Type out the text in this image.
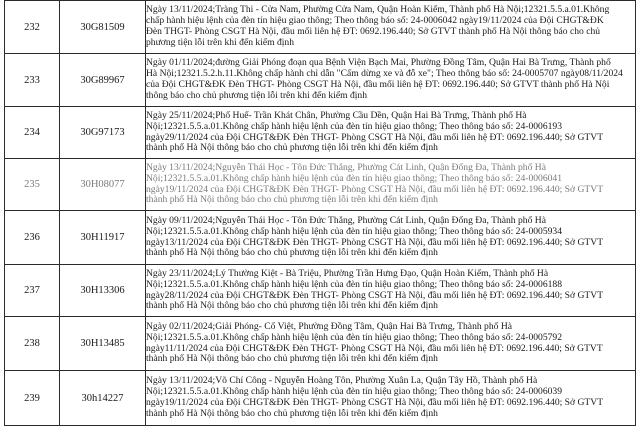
232	30G81509	Ngày 13/11/2024;Tràng Thi - Cửa Nam, Phường Cửa Nam, Quận Hoàn Kiếm, Thành phố Hà Nội;12321.5.5.a.01.Không
chấp hành hiệu lệnh của đèn tín hiệu giao thông; Theo thông báo số: 24-0006042 ngày19/11/2024 của Đội CHGT&ĐK
Đèn THGT- Phòng CSGT Hà Nội, đầu mối liên hệ ĐT: 0692.196.440; Sở GTVT thành phố Hà Nội thông báo cho chủ
phương tiện lỗi trên khi đến kiểm định

233	30G89967	Ngày 01/11/2024;đường Giải Phóng đoạn qua Bệnh Viện Bạch Mai, Phường Đồng Tâm, Quận Hai Bà Trưng, Thành phố
Hà Nội;12321.5.2.h.11.Không chấp hành chỉ dẫn "Cấm dừng xe và đỗ xe"; Theo thông báo số: 24-0005707 ngày08/11/2024
của Đội CHGT&ĐK Đèn THGT- Phòng CSGT Hà Nội, đầu mối liên hệ ĐT: 0692.196.440; Sở GTVT thành phố Hà Nội
thông báo cho chủ phương tiện lỗi trên khi đến kiểm định

234	30G97173	Ngày 25/11/2024;Phố Huế- Trần Khát Chân, Phường Cầu Dền, Quận Hai Bà Trưng, Thành phố Hà
Nội;12321.5.5.a.01.Không chấp hành hiệu lệnh của đèn tín hiệu giao thông; Theo thông báo số: 24-0006193
ngày29/11/2024 của Đội CHGT&ĐK Đèn THGT- Phòng CSGT Hà Nội, đầu mối liên hệ ĐT: 0692.196.440; Sở GTVT
thành phố Hà Nội thông báo cho chủ phương tiện lỗi trên khi đến kiểm định

235	30H08077	Ngày 13/11/2024;Nguyễn Thái Học - Tôn Đức Thắng, Phường Cát Linh, Quận Đống Đa, Thành phố Hà
Nội;12321.5.5.a.01.Không chấp hành hiệu lệnh của đèn tín hiệu giao thông; Theo thông báo số: 24-0006041
ngày19/11/2024 của Đội CHGT&ĐK Đèn THGT- Phòng CSGT Hà Nội, đầu mối liên hệ ĐT: 0692.196.440; Sở GTVT
thành phố Hà Nội thông báo cho chủ phương tiện lỗi trên khi đến kiểm định

236	30H11917	Ngày 09/11/2024;Nguyễn Thái Học - Tôn Đức Thắng, Phường Cát Linh, Quận Đống Đa, Thành phố Hà
Nội;12321.5.5.a.01.Không chấp hành hiệu lệnh của đèn tín hiệu giao thông; Theo thông báo số: 24-0005934
ngày13/11/2024 của Đội CHGT&ĐK Đèn THGT- Phòng CSGT Hà Nội, đầu mối liên hệ ĐT: 0692.196.440; Sở GTVT
thành phố Hà Nội thông báo cho chủ phương tiện lỗi trên khi đến kiểm định

237	30H13306	Ngày 23/11/2024;Lý Thường Kiệt - Bà Triệu, Phường Trần Hưng Đạo, Quận Hoàn Kiếm, Thành phố Hà
Nội;12321.5.5.a.01.Không chấp hành hiệu lệnh của đèn tín hiệu giao thông; Theo thông báo số: 24-0006188
ngày28/11/2024 của Đội CHGT&ĐK Đèn THGT- Phòng CSGT Hà Nội, đầu mối liên hệ ĐT: 0692.196.440; Sở GTVT
thành phố Hà Nội thông báo cho chủ phương tiện lỗi trên khi đến kiểm định

238	30H13485	Ngày 02/11/2024;Giải Phóng- Cổ Việt, Phường Đồng Tâm, Quận Hai Bà Trưng, Thành phố Hà
Nội;12321.5.5.a.01.Không chấp hành hiệu lệnh của đèn tín hiệu giao thông; Theo thông báo số: 24-0005792
ngày11/11/2024 của Đội CHGT&ĐK Đèn THGT- Phòng CSGT Hà Nội, đầu mối liên hệ ĐT: 0692.196.440; Sở GTVT
thành phố Hà Nội thông báo cho chủ phương tiện lỗi trên khi đến kiểm định

239	30h14227	Ngày 13/11/2024;Võ Chí Công - Nguyễn Hoàng Tôn, Phường Xuân La, Quận Tây Hồ, Thành phố Hà
Nội;12321.5.5.a.01.Không chấp hành hiệu lệnh của đèn tín hiệu giao thông; Theo thông báo số: 24-0006039
ngày19/11/2024 của Đội CHGT&ĐK Đèn THGT- Phòng CSGT Hà Nội, đầu mối liên hệ ĐT: 0692.196.440; Sở GTVT
thành phố Hà Nội thông báo cho chủ phương tiện lỗi trên khi đến kiểm định
